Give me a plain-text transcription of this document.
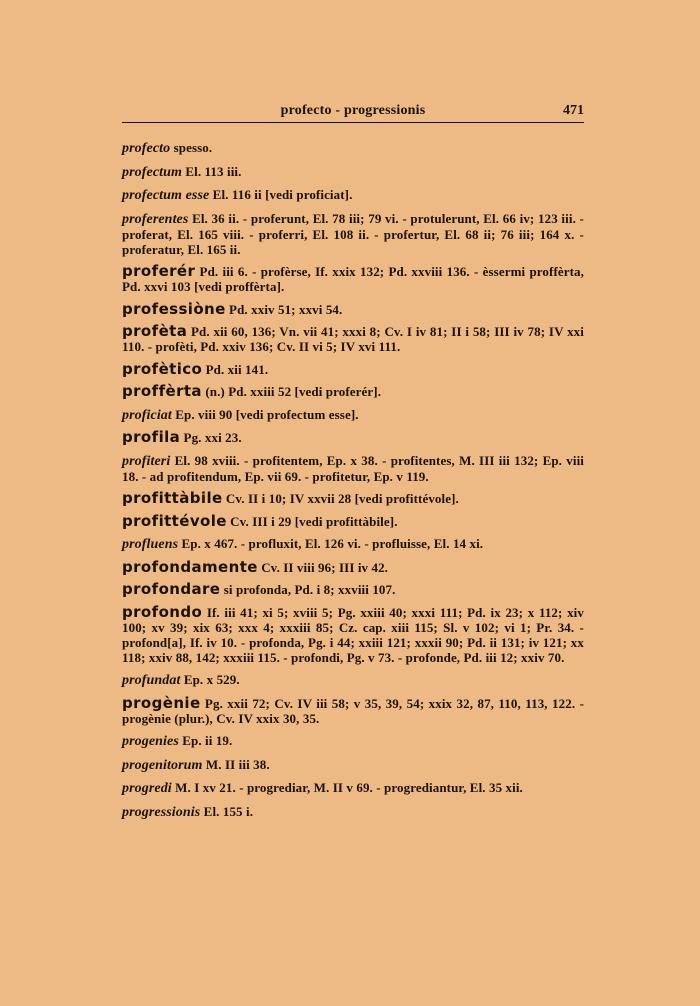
profecto - progressionis	471

profecto spesso.

profectum El. 113 iii.

profectum esse El. 116 ii [vedi proficiat].

proferentes El. 36 ii. - proferunt, El. 78 iii; 79 vi. - protulerunt, El. 66 iv; 123 iii. - proferat, El. 165 viii. - proferri, El. 108 ii. - profertur, El. 68 ii; 76 iii; 164 x. - proferatur, El. 165 ii.

proferér Pd. iii 6. - profèrse, If. xxix 132; Pd. xxviii 136. - èssermi proffèrta, Pd. xxvi 103 [vedi proffèrta].

professiòne Pd. xxiv 51; xxvi 54.

profèta Pd. xii 60, 136; Vn. vii 41; xxxi 8; Cv. I iv 81; II i 58; III iv 78; IV xxi 110. - profèti, Pd. xxiv 136; Cv. II vi 5; IV xvi 111.

profètico Pd. xii 141.

proffèrta (n.) Pd. xxiii 52 [vedi proferér].

proficiat Ep. viii 90 [vedi profectum esse].

profila Pg. xxi 23.

profiteri El. 98 xviii. - profitentem, Ep. x 38. - profitentes, M. III iii 132; Ep. viii 18. - ad profitendum, Ep. vii 69. - profitetur, Ep. v 119.

profittàbile Cv. II i 10; IV xxvii 28 [vedi profittévole].

profittévole Cv. III i 29 [vedi profittàbile].

profluens Ep. x 467. - profluxit, El. 126 vi. - profluisse, El. 14 xi.

profondamente Cv. II viii 96; III iv 42.

profondare si profonda, Pd. i 8; xxviii 107.

profondo If. iii 41; xi 5; xviii 5; Pg. xxiii 40; xxxi 111; Pd. ix 23; x 112; xiv 100; xv 39; xix 63; xxx 4; xxxiii 85; Cz. cap. xiii 115; Sl. v 102; vi 1; Pr. 34. - profond[a], If. iv 10. - profonda, Pg. i 44; xxiii 121; xxxii 90; Pd. ii 131; iv 121; xx 118; xxiv 88, 142; xxxiii 115. - profondi, Pg. v 73. - profonde, Pd. iii 12; xxiv 70.

profundat Ep. x 529.

progènie Pg. xxii 72; Cv. IV iii 58; v 35, 39, 54; xxix 32, 87, 110, 113, 122. - progènie (plur.), Cv. IV xxix 30, 35.

progenies Ep. ii 19.

progenitorum M. II iii 38.

progredi M. I xv 21. - progrediar, M. II v 69. - progrediantur, El. 35 xii.

progressionis El. 155 i.
